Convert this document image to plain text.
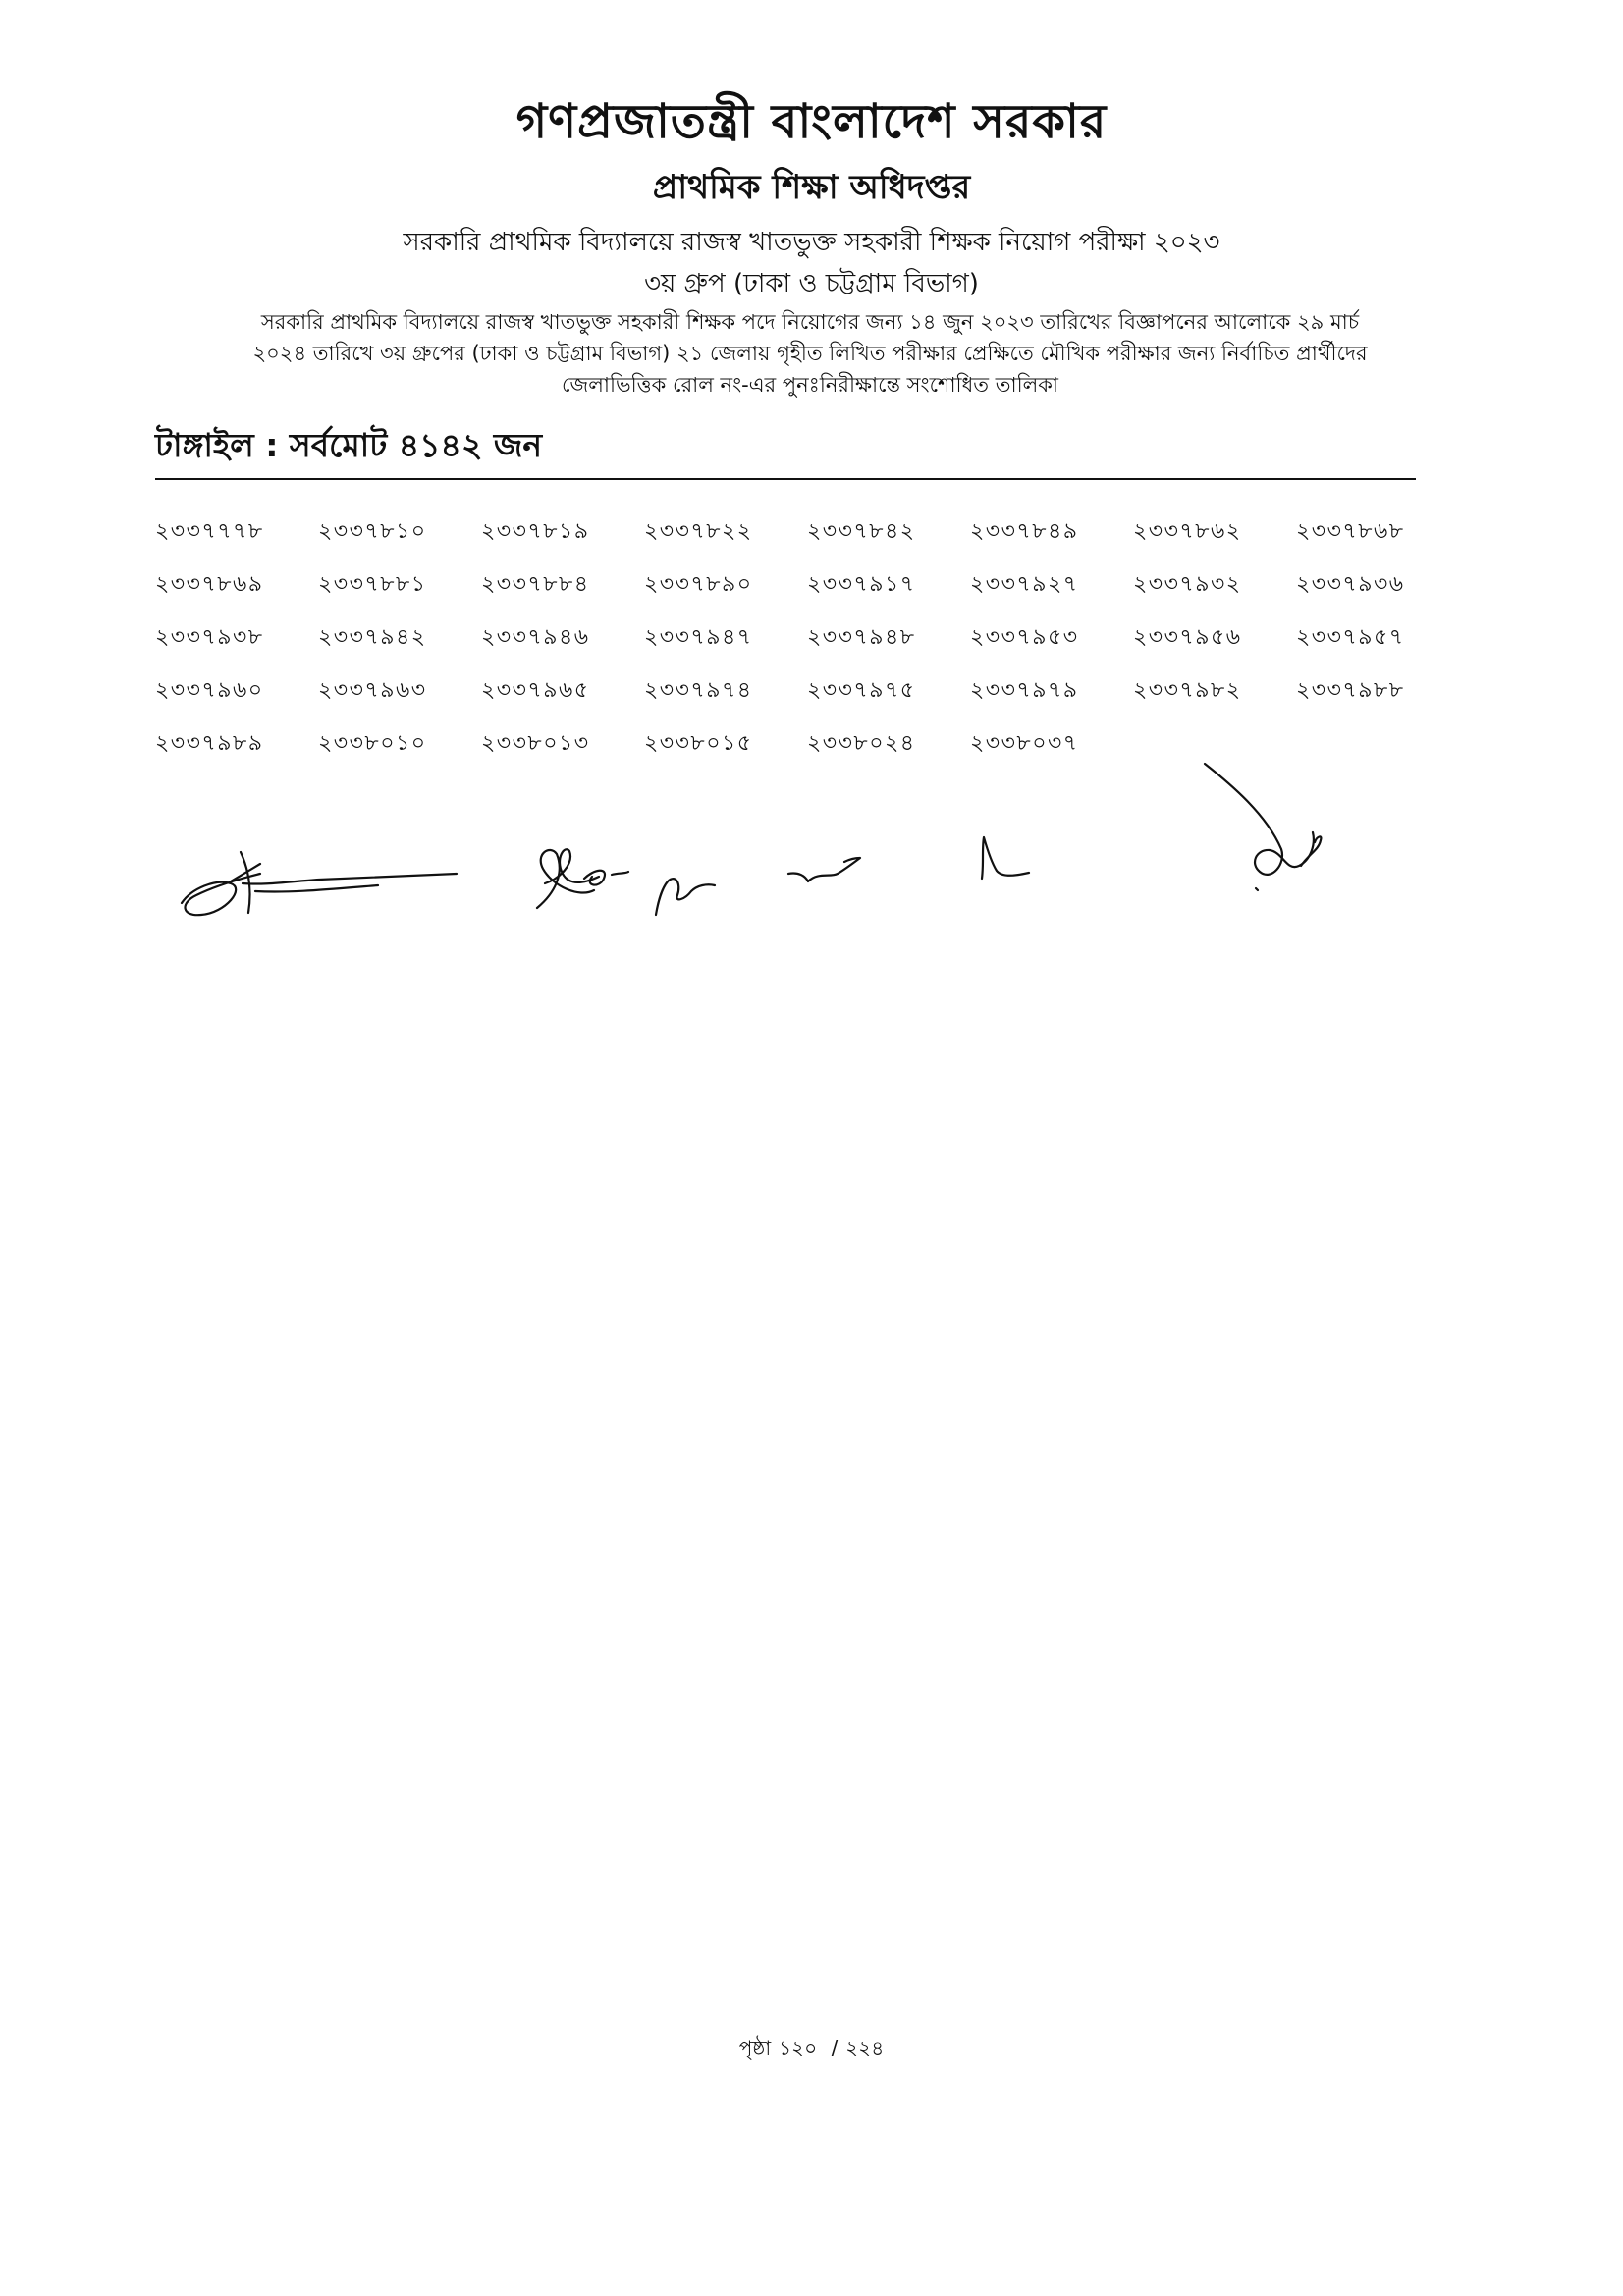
গণপ্রজাতন্ত্রী বাংলাদেশ সরকার
প্রাথমিক শিক্ষা অধিদপ্তর
সরকারি প্রাথমিক বিদ্যালয়ে রাজস্ব খাতভুক্ত সহকারী শিক্ষক নিয়োগ পরীক্ষা ২০২৩
৩য় গ্রুপ (ঢাকা ও চট্টগ্রাম বিভাগ)
সরকারি প্রাথমিক বিদ্যালয়ে রাজস্ব খাতভুক্ত সহকারী শিক্ষক পদে নিয়োগের জন্য ১৪ জুন ২০২৩ তারিখের বিজ্ঞাপনের আলোকে ২৯ মার্চ
২০২৪ তারিখে ৩য় গ্রুপের (ঢাকা ও চট্টগ্রাম বিভাগ) ২১ জেলায় গৃহীত লিখিত পরীক্ষার প্রেক্ষিতে মৌখিক পরীক্ষার জন্য নির্বাচিত প্রার্থীদের
জেলাভিত্তিক রোল নং-এর পুনঃনিরীক্ষান্তে সংশোধিত তালিকা
টাঙ্গাইল : সর্বমোট ৪১৪২ জন
২৩৩৭৭৭৮	২৩৩৭৮১০	২৩৩৭৮১৯	২৩৩৭৮২২	২৩৩৭৮৪২	২৩৩৭৮৪৯	২৩৩৭৮৬২	২৩৩৭৮৬৮
২৩৩৭৮৬৯	২৩৩৭৮৮১	২৩৩৭৮৮৪	২৩৩৭৮৯০	২৩৩৭৯১৭	২৩৩৭৯২৭	২৩৩৭৯৩২	২৩৩৭৯৩৬
২৩৩৭৯৩৮	২৩৩৭৯৪২	২৩৩৭৯৪৬	২৩৩৭৯৪৭	২৩৩৭৯৪৮	২৩৩৭৯৫৩	২৩৩৭৯৫৬	২৩৩৭৯৫৭
২৩৩৭৯৬০	২৩৩৭৯৬৩	২৩৩৭৯৬৫	২৩৩৭৯৭৪	২৩৩৭৯৭৫	২৩৩৭৯৭৯	২৩৩৭৯৮২	২৩৩৭৯৮৮
২৩৩৭৯৮৯	২৩৩৮০১০	২৩৩৮০১৩	২৩৩৮০১৫	২৩৩৮০২৪	২৩৩৮০৩৭
পৃষ্ঠা ১২০ / ২২৪
